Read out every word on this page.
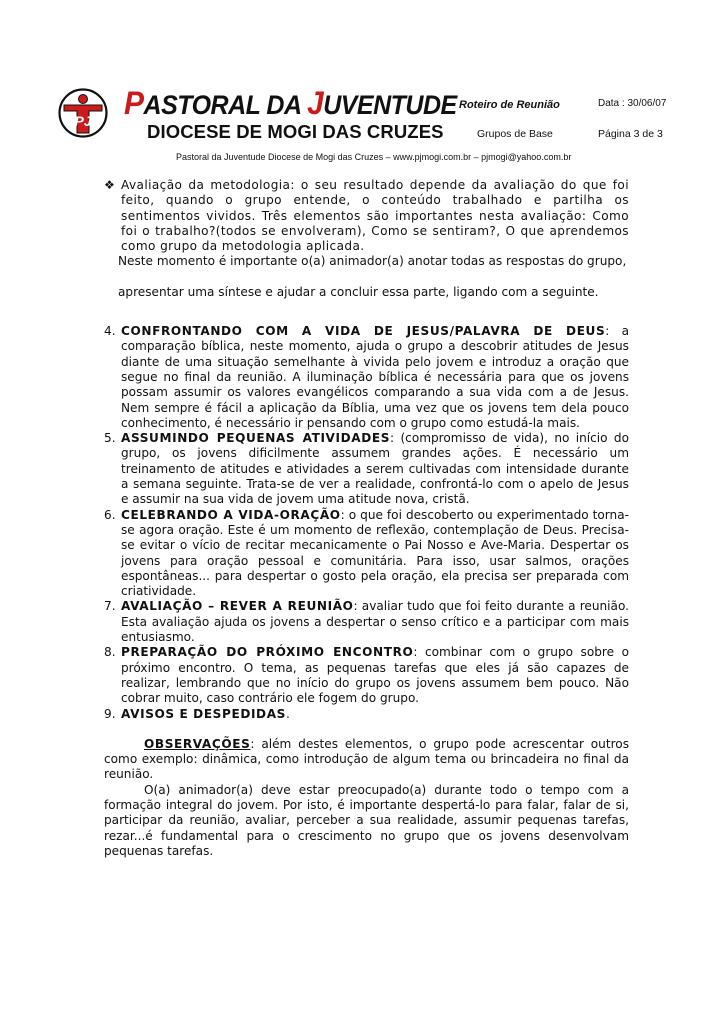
PJ PASTORAL DA JUVENTUDE

DIOCESE DE MOGI DAS CRUZES

Pastoral da Juventude Diocese de Mogi das Cruzes – www.pjmogi.com.br – pjmogi@yahoo.com.br

Roteiro de Reunião	Data : 30/06/07

Grupos de Base	Página 3 de 3

❖ Avaliação da metodologia: o seu resultado depende da avaliação do que foi feito, quando o grupo entende, o conteúdo trabalhado e partilha os sentimentos vividos. Três elementos são importantes nesta avaliação: Como foi o trabalho?(todos se envolveram), Como se sentiram?, O que aprendemos como grupo da metodologia aplicada.

Neste momento é importante o(a) animador(a) anotar todas as respostas do grupo,

apresentar uma síntese e ajudar a concluir essa parte, ligando com a seguinte.

4. CONFRONTANDO COM A VIDA DE JESUS/PALAVRA DE DEUS: a comparação bíblica, neste momento, ajuda o grupo a descobrir atitudes de Jesus diante de uma situação semelhante à vivida pelo jovem e introduz a oração que segue no final da reunião. A iluminação bíblica é necessária para que os jovens possam assumir os valores evangélicos comparando a sua vida com a de Jesus. Nem sempre é fácil a aplicação da Bíblia, uma vez que os jovens tem dela pouco conhecimento, é necessário ir pensando com o grupo como estudá-la mais.

5. ASSUMINDO PEQUENAS ATIVIDADES: (compromisso de vida), no início do grupo, os jovens dificilmente assumem grandes ações. É necessário um treinamento de atitudes e atividades a serem cultivadas com intensidade durante a semana seguinte. Trata-se de ver a realidade, confrontá-lo com o apelo de Jesus e assumir na sua vida de jovem uma atitude nova, cristã.

6. CELEBRANDO A VIDA-ORAÇÃO: o que foi descoberto ou experimentado torna-se agora oração. Este é um momento de reflexão, contemplação de Deus. Precisa-se evitar o vício de recitar mecanicamente o Pai Nosso e Ave-Maria. Despertar os jovens para oração pessoal e comunitária. Para isso, usar salmos, orações espontâneas... para despertar o gosto pela oração, ela precisa ser preparada com criatividade.

7. AVALIAÇÃO – REVER A REUNIÃO: avaliar tudo que foi feito durante a reunião. Esta avaliação ajuda os jovens a despertar o senso crítico e a participar com mais entusiasmo.

8. PREPARAÇÃO DO PRÓXIMO ENCONTRO: combinar com o grupo sobre o próximo encontro. O tema, as pequenas tarefas que eles já são capazes de realizar, lembrando que no início do grupo os jovens assumem bem pouco. Não cobrar muito, caso contrário ele fogem do grupo.

9. AVISOS E DESPEDIDAS.

OBSERVAÇÕES: além destes elementos, o grupo pode acrescentar outros como exemplo: dinâmica, como introdução de algum tema ou brincadeira no final da reunião.

O(a) animador(a) deve estar preocupado(a) durante todo o tempo com a formação integral do jovem. Por isto, é importante despertá-lo para falar, falar de si, participar da reunião, avaliar, perceber a sua realidade, assumir pequenas tarefas, rezar...é fundamental para o crescimento no grupo que os jovens desenvolvam pequenas tarefas.
